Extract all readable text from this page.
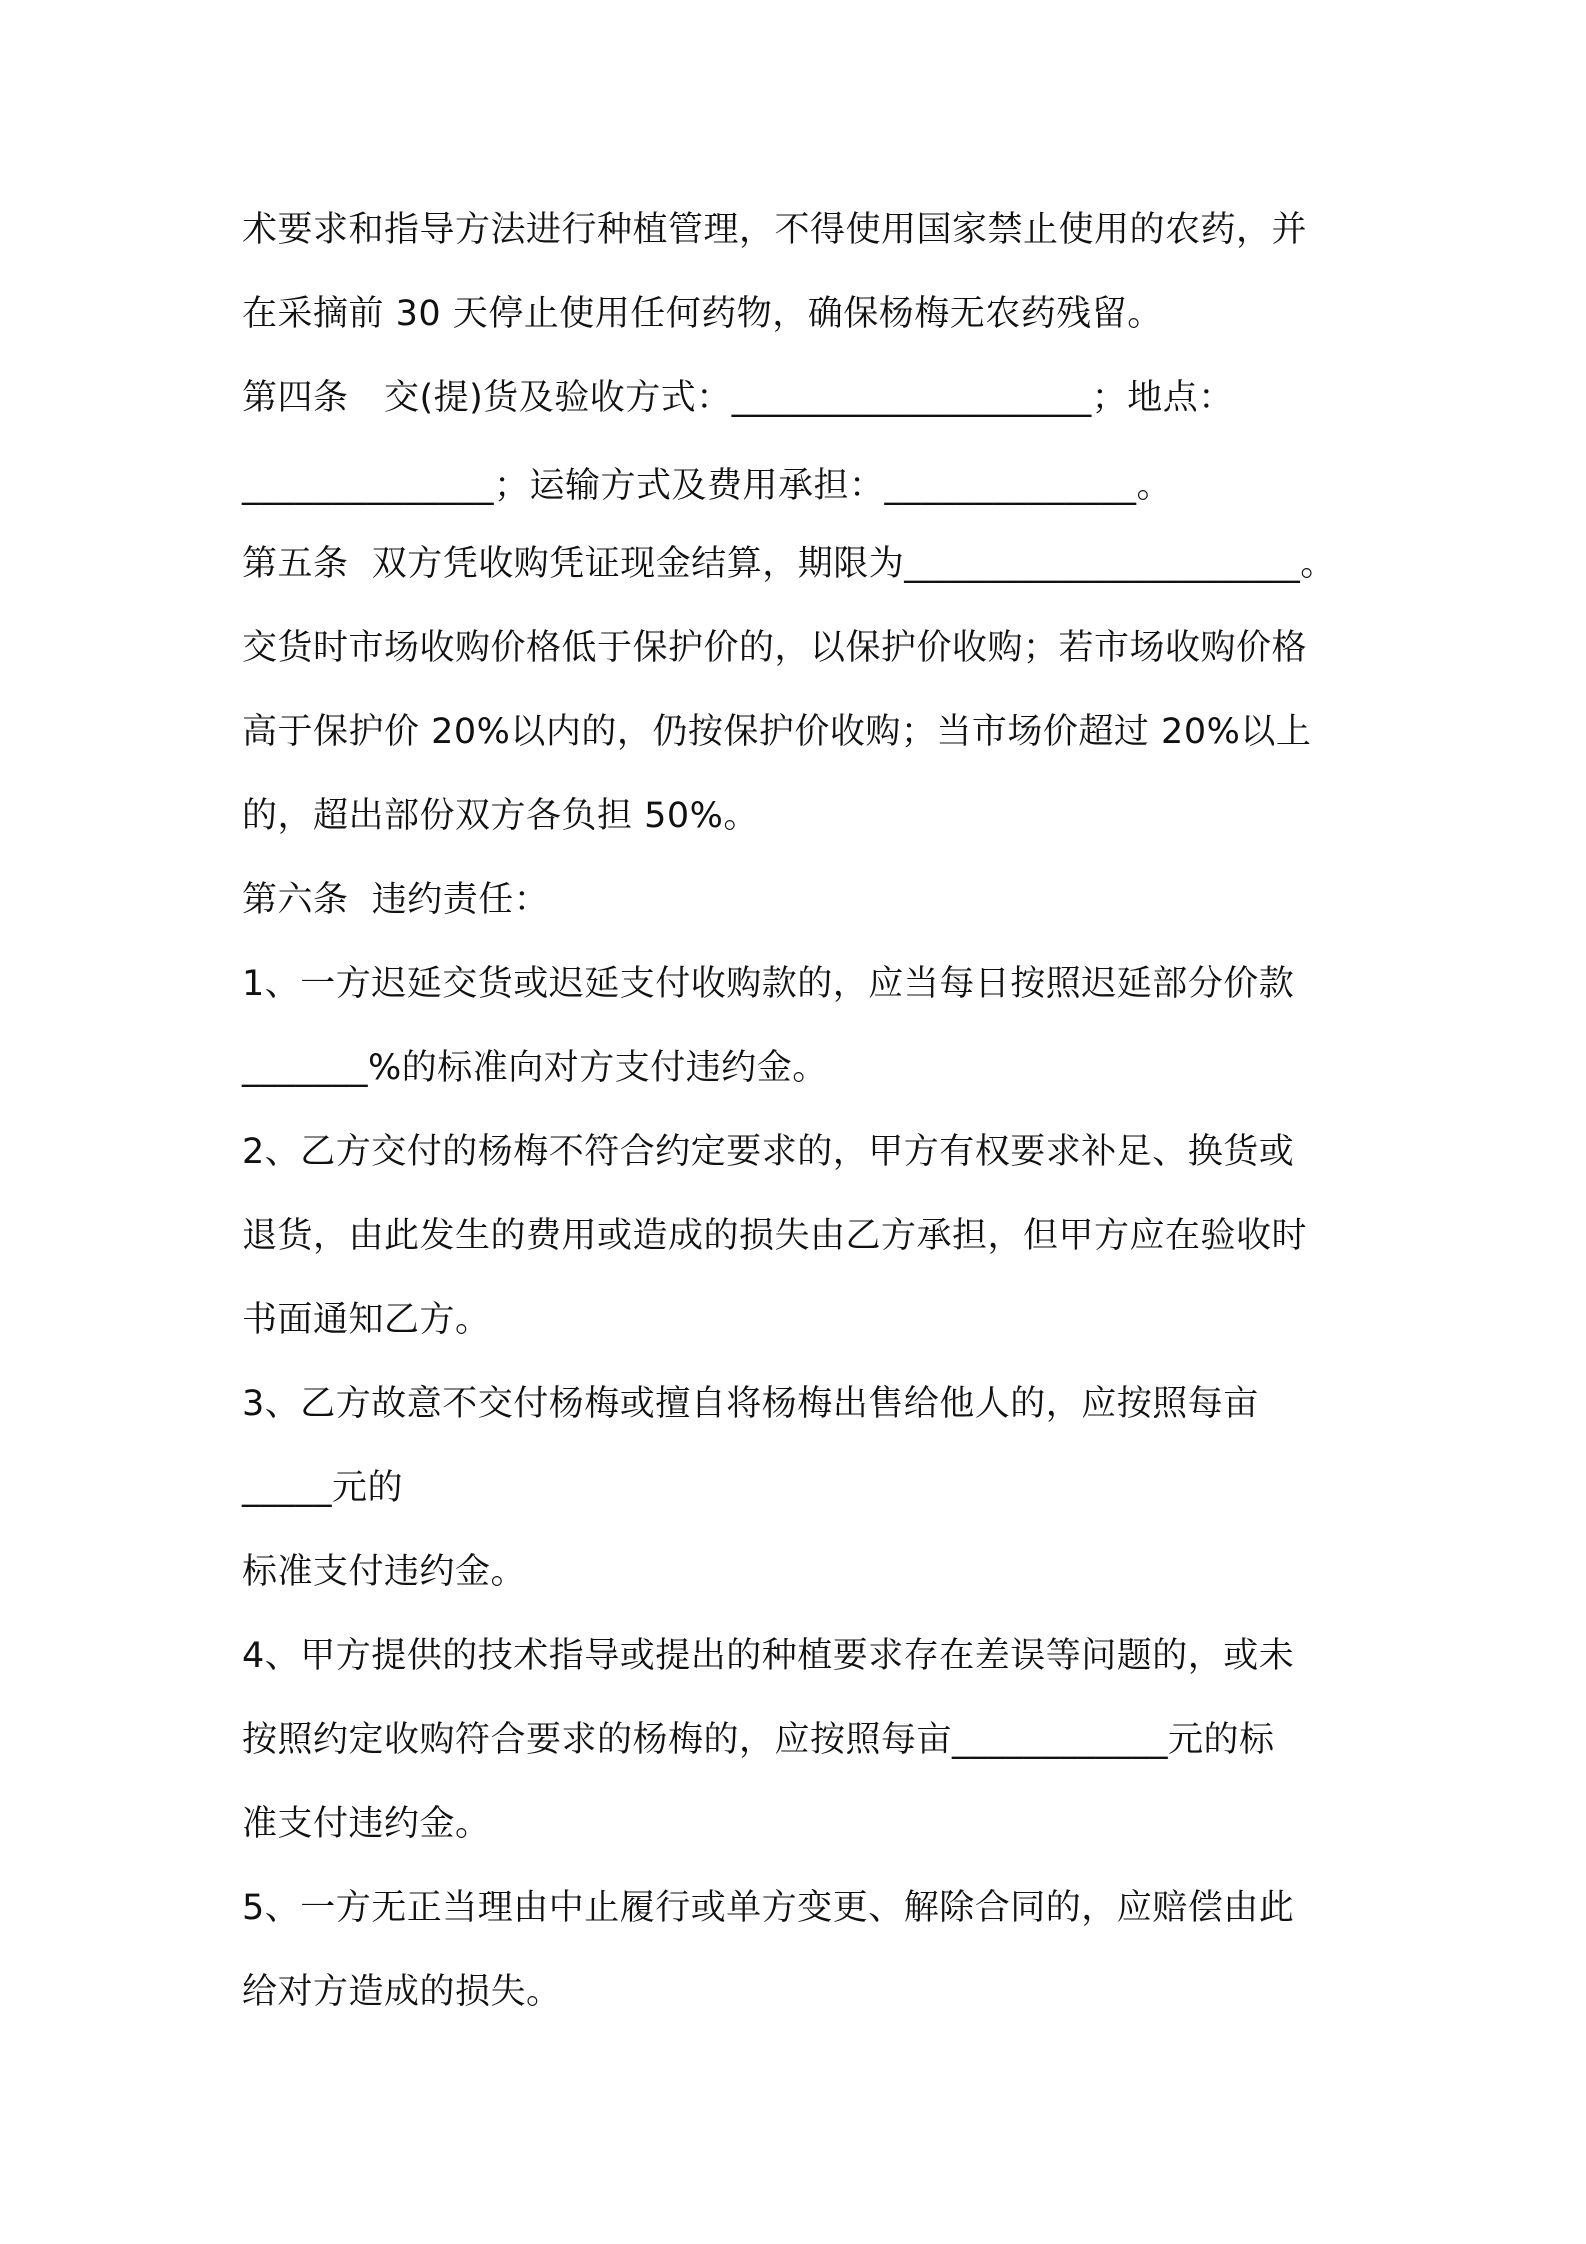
术要求和指导方法进行种植管理，不得使用国家禁止使用的农药，并
在采摘前 30 天停止使用任何药物，确保杨梅无农药残留。
第四条　交(提)货及验收方式：____________________；地点：
______________；运输方式及费用承担：______________。
第五条  双方凭收购凭证现金结算，期限为______________________。
交货时市场收购价格低于保护价的，以保护价收购；若市场收购价格
高于保护价 20%以内的，仍按保护价收购；当市场价超过 20%以上
的，超出部份双方各负担 50%。
第六条  违约责任：
1、一方迟延交货或迟延支付收购款的，应当每日按照迟延部分价款
_______%的标准向对方支付违约金。
2、乙方交付的杨梅不符合约定要求的，甲方有权要求补足、换货或
退货，由此发生的费用或造成的损失由乙方承担，但甲方应在验收时
书面通知乙方。
3、乙方故意不交付杨梅或擅自将杨梅出售给他人的，应按照每亩
_____元的
标准支付违约金。
4、甲方提供的技术指导或提出的种植要求存在差误等问题的，或未
按照约定收购符合要求的杨梅的，应按照每亩____________元的标
准支付违约金。
5、一方无正当理由中止履行或单方变更、解除合同的，应赔偿由此
给对方造成的损失。
